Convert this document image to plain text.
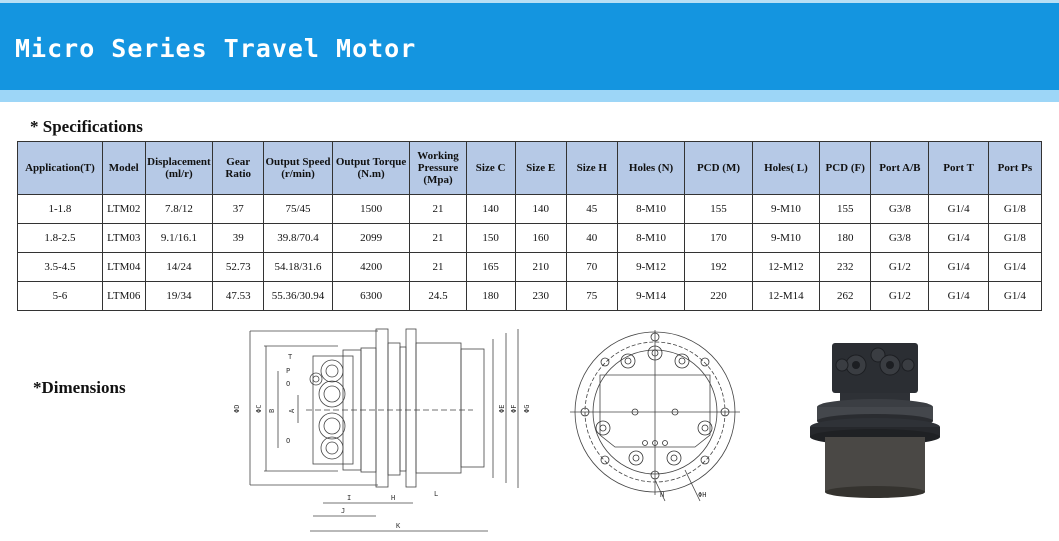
Micro Series Travel Motor
* Specifications
Application(T)	Model	Displacement (ml/r)	Gear Ratio	Output Speed (r/min)	Output Torque (N.m)	Working Pressure (Mpa)	Size C	Size E	Size H	Holes (N)	PCD (M)	Holes( L)	PCD (F)	Port A/B	Port T	Port Ps
1-1.8	LTM02	7.8/12	37	75/45	1500	21	140	140	45	8-M10	155	9-M10	155	G3/8	G1/4	G1/8
1.8-2.5	LTM03	9.1/16.1	39	39.8/70.4	2099	21	150	160	40	8-M10	170	9-M10	180	G3/8	G1/4	G1/8
3.5-4.5	LTM04	14/24	52.73	54.18/31.6	4200	21	165	210	70	9-M12	192	12-M12	232	G1/2	G1/4	G1/4
5-6	LTM06	19/34	47.53	55.36/30.94	6300	24.5	180	230	75	9-M14	220	12-M14	262	G1/2	G1/4	G1/4
*Dimensions
ΦD ΦC B A
T
P
O
O
ΦE ΦF ΦG
I	H
J
K
L	N	ΦH
